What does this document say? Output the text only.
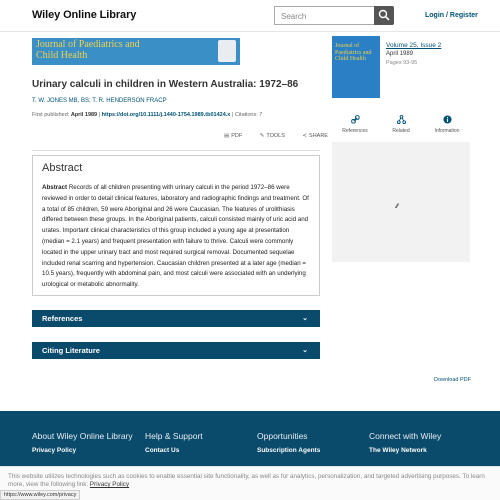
Wiley Online Library	Search	Login / Register
Journal of Paediatrics and
Child Health
Urinary calculi in children in Western Australia: 1972–86
T. W. JONES MB, BS; T. R. HENDERSON FRACP
First published: April 1989 | https://doi.org/10.1111/j.1440-1754.1989.tb01424.x | Citations: 7
▤ PDF	✎ TOOLS	≺ SHARE
Abstract
Abstract Records of all children presenting with urinary calculi in the period 1972–86 were reviewed in order to detail clinical features, laboratory and radiographic findings and treatment. Of a total of 85 children, 59 were Aboriginal and 26 were Caucasian. The features of urolithiasis differed between these groups. In the Aboriginal patients, calculi consisted mainly of uric acid and urates. Important clinical characteristics of this group included a young age at presentation (median = 2.1 years) and frequent presentation with failure to thrive. Calculi were commonly located in the upper urinary tract and most required surgical removal. Documented sequelae included renal scarring and hypertension. Caucasian children presented at a later age (median = 10.5 years), frequently with abdominal pain, and most calculi were associated with an underlying urological or metabolic abnormality.
References	⌄
Citing Literature	⌄
Download PDF
Journal of
Paediatrics and
Child Health
Volume 25, Issue 2
April 1989
Pages 93-95
References	Related	Information
⁄⁄⁄⁄
About Wiley Online Library
Privacy Policy
Help & Support
Contact Us
Opportunities
Subscription Agents
Connect with Wiley
The Wiley Network
This website utilizes technologies such as cookies to enable essential site functionality, as well as for analytics, personalization, and targeted advertising purposes. To learn more, view the following link: Privacy Policy
https://www.wiley.com/privacy
